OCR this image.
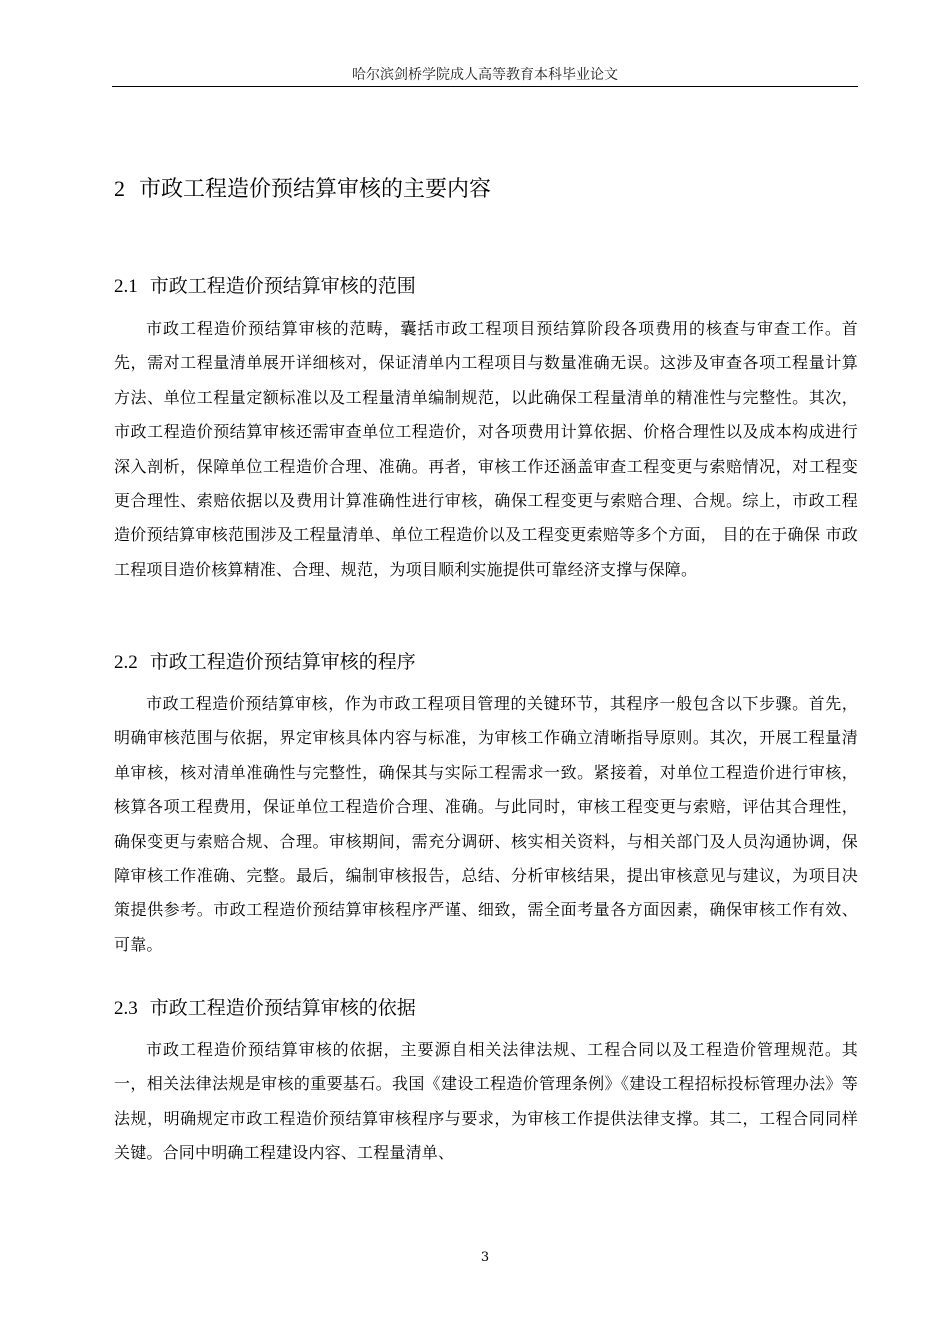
哈尔滨剑桥学院成人高等教育本科毕业论文
2 市政工程造价预结算审核的主要内容
2.1 市政工程造价预结算审核的范围

市政工程造价预结算审核的范畴，囊括市政工程项目预结算阶段各项费用的核查与审查工作。首先，需对工程量清单展开详细核对，保证清单内工程项目与数量准确无误。这涉及审查各项工程量计算方法、单位工程量定额标准以及工程量清单编制规范，以此确保工程量清单的精准性与完整性。其次，市政工程造价预结算审核还需审查单位工程造价，对各项费用计算依据、价格合理性以及成本构成进行深入剖析，保障单位工程造价合理、准确。再者，审核工作还涵盖审查工程变更与索赔情况，对工程变更合理性、索赔依据以及费用计算准确性进行审核，确保工程变更与索赔合理、合规。综上，市政工程造价预结算审核范围涉及工程量清单、单位工程造价以及工程变更索赔等多个方面， 目的在于确保 市政工程项目造价核算精准、合理、规范，为项目顺利实施提供可靠经济支撑与保障。

2.2 市政工程造价预结算审核的程序

市政工程造价预结算审核，作为市政工程项目管理的关键环节，其程序一般包含以下步骤。首先，明确审核范围与依据，界定审核具体内容与标准，为审核工作确立清晰指导原则。其次，开展工程量清单审核，核对清单准确性与完整性，确保其与实际工程需求一致。紧接着，对单位工程造价进行审核，核算各项工程费用，保证单位工程造价合理、准确。与此同时，审核工程变更与索赔，评估其合理性，确保变更与索赔合规、合理。审核期间，需充分调研、核实相关资料，与相关部门及人员沟通协调，保障审核工作准确、完整。最后，编制审核报告，总结、分析审核结果，提出审核意见与建议，为项目决策提供参考。市政工程造价预结算审核程序严谨、细致，需全面考量各方面因素，确保审核工作有效、可靠。

2.3 市政工程造价预结算审核的依据

市政工程造价预结算审核的依据，主要源自相关法律法规、工程合同以及工程造价管理规范。其一，相关法律法规是审核的重要基石。我国《建设工程造价管理条例》《建设工程招标投标管理办法》等法规，明确规定市政工程造价预结算审核程序与要求，为审核工作提供法律支撑。其二，工程合同同样关键。合同中明确工程建设内容、工程量清单、

3
